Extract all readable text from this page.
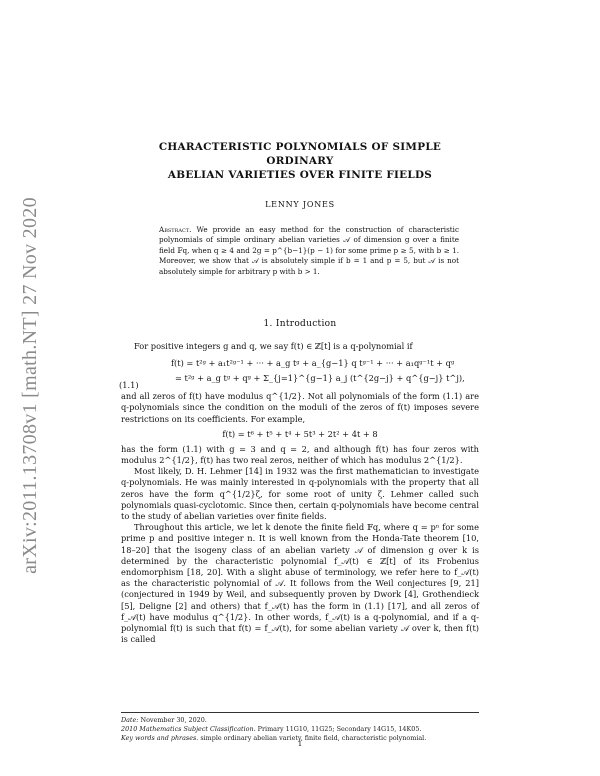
arXiv:2011.13708v1 [math.NT] 27 Nov 2020
CHARACTERISTIC POLYNOMIALS OF SIMPLE ORDINARY
ABELIAN VARIETIES OVER FINITE FIELDS
LENNY JONES
Abstract. We provide an easy method for the construction of characteristic polynomials of simple ordinary abelian varieties 𝒜 of dimension g over a finite field 𝔽q, when q ≥ 4 and 2g = p^{b−1}(p − 1) for some prime p ≥ 5, with b ≥ 1. Moreover, we show that 𝒜 is absolutely simple if b = 1 and p = 5, but 𝒜 is not absolutely simple for arbitrary p with b > 1.
1. Introduction

For positive integers g and q, we say f(t) ∈ ℤ[t] is a q-polynomial if

(1.1)
f(t) = t²ᵍ + a₁t²ᵍ⁻¹ + ··· + a_g tᵍ + a_{g−1} q tᵍ⁻¹ + ··· + a₁qᵍ⁻¹t + qᵍ
= t²ᵍ + a_g tᵍ + qᵍ + Σ_{j=1}^{g−1} a_j (t^{2g−j} + q^{g−j} t^j),

and all zeros of f(t) have modulus q^{1/2}. Not all polynomials of the form (1.1) are q-polynomials since the condition on the moduli of the zeros of f(t) imposes severe restrictions on its coefficients. For example,

f(t) = t⁶ + t⁵ + t⁴ + 5t³ + 2t² + 4t + 8

has the form (1.1) with g = 3 and q = 2, and although f(t) has four zeros with modulus 2^{1/2}, f(t) has two real zeros, neither of which has modulus 2^{1/2}.

Most likely, D. H. Lehmer [14] in 1932 was the first mathematician to investigate q-polynomials. He was mainly interested in q-polynomials with the property that all zeros have the form q^{1/2}ζ, for some root of unity ζ. Lehmer called such polynomials quasi-cyclotomic. Since then, certain q-polynomials have become central to the study of abelian varieties over finite fields.

Throughout this article, we let k denote the finite field 𝔽q, where q = pⁿ for some prime p and positive integer n. It is well known from the Honda-Tate theorem [10, 18–20] that the isogeny class of an abelian variety 𝒜 of dimension g over k is determined by the characteristic polynomial f_𝒜(t) ∈ ℤ[t] of its Frobenius endomorphism [18, 20]. With a slight abuse of terminology, we refer here to f_𝒜(t) as the characteristic polynomial of 𝒜. It follows from the Weil conjectures [9, 21] (conjectured in 1949 by Weil, and subsequently proven by Dwork [4], Grothendieck [5], Deligne [2] and others) that f_𝒜(t) has the form in (1.1) [17], and all zeros of f_𝒜(t) have modulus q^{1/2}. In other words, f_𝒜(t) is a q-polynomial, and if a q-polynomial f(t) is such that f(t) = f_𝒜(t), for some abelian variety 𝒜 over k, then f(t) is called

Date: November 30, 2020.
2010 Mathematics Subject Classification. Primary 11G10, 11G25; Secondary 14G15, 14K05.
Key words and phrases. simple ordinary abelian variety, finite field, characteristic polynomial.
1
